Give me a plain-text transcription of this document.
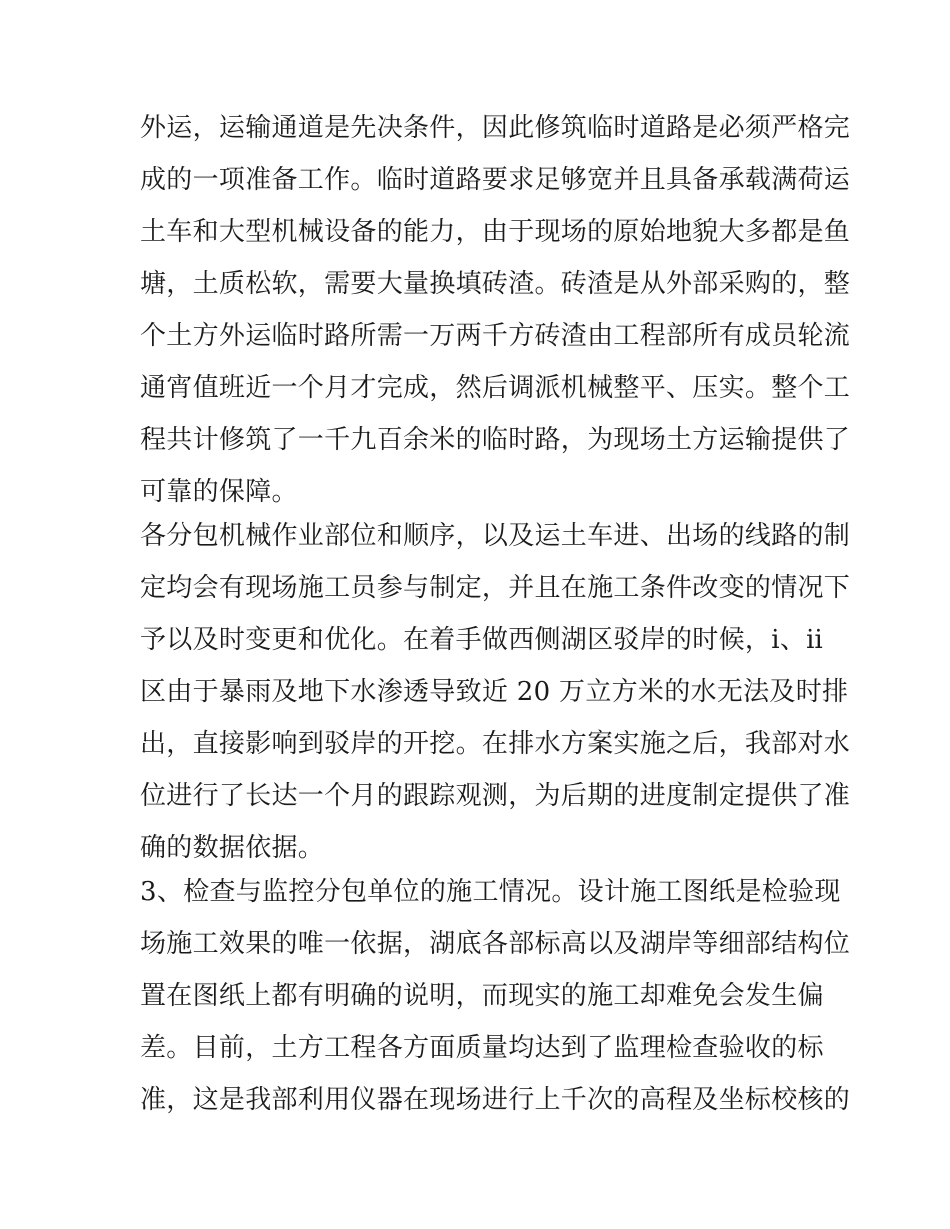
外运，运输通道是先决条件，因此修筑临时道路是必须严格完
成的一项准备工作。临时道路要求足够宽并且具备承载满荷运
土车和大型机械设备的能力，由于现场的原始地貌大多都是鱼
塘，土质松软，需要大量换填砖渣。砖渣是从外部采购的，整
个土方外运临时路所需一万两千方砖渣由工程部所有成员轮流
通宵值班近一个月才完成，然后调派机械整平、压实。整个工
程共计修筑了一千九百余米的临时路，为现场土方运输提供了
可靠的保障。
各分包机械作业部位和顺序，以及运土车进、出场的线路的制
定均会有现场施工员参与制定，并且在施工条件改变的情况下
予以及时变更和优化。在着手做西侧湖区驳岸的时候，ⅰ、ⅱ
区由于暴雨及地下水渗透导致近 20 万立方米的水无法及时排
出，直接影响到驳岸的开挖。在排水方案实施之后，我部对水
位进行了长达一个月的跟踪观测，为后期的进度制定提供了准
确的数据依据。
3、检查与监控分包单位的施工情况。设计施工图纸是检验现
场施工效果的唯一依据，湖底各部标高以及湖岸等细部结构位
置在图纸上都有明确的说明，而现实的施工却难免会发生偏
差。目前，土方工程各方面质量均达到了监理检查验收的标
准，这是我部利用仪器在现场进行上千次的高程及坐标校核的
